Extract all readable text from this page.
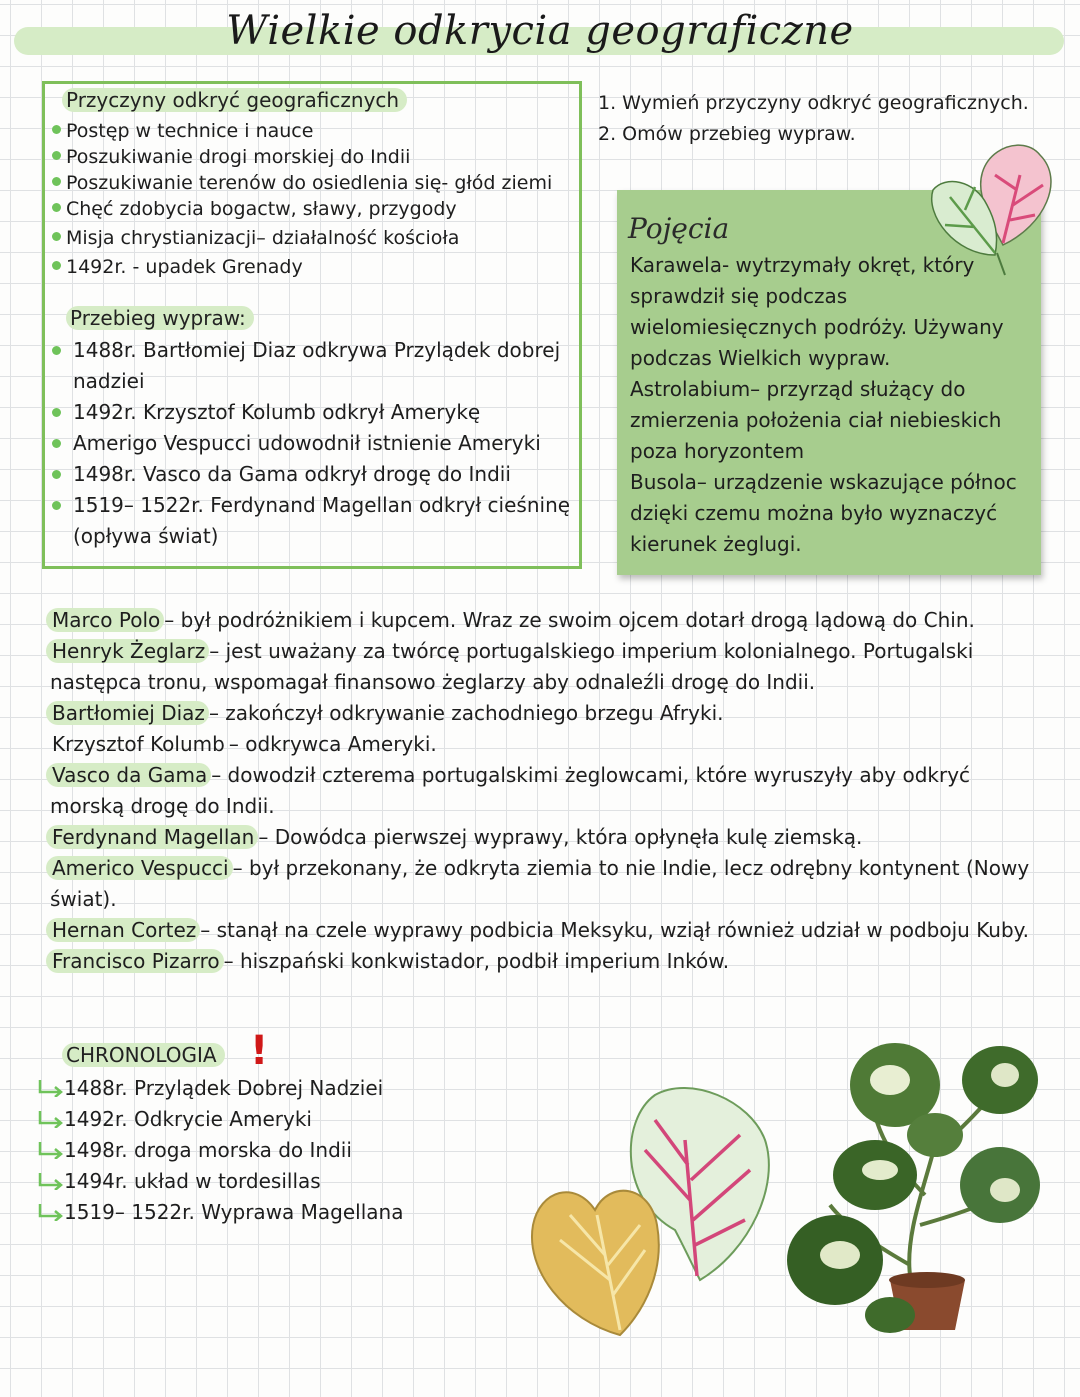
Wielkie odkrycia geograficzne
Przyczyny odkryć geograficznych
Postęp w technice i nauce
Poszukiwanie drogi morskiej do Indii
Poszukiwanie terenów do osiedlenia się- głód ziemi
Chęć zdobycia bogactw, sławy, przygody
Misja chrystianizacji– działalność kościoła
1492r. - upadek Grenady
Przebieg wypraw:
1488r. Bartłomiej Diaz odkrywa Przylądek dobrej nadziei
1492r. Krzysztof Kolumb odkrył Amerykę
Amerigo Vespucci udowodnił istnienie Ameryki
1498r. Vasco da Gama odkrył drogę do Indii
1519– 1522r. Ferdynand Magellan odkrył cieśninę (opływa świat)
1. Wymień przyczyny odkryć geograficznych.
2. Omów przebieg wypraw.
Pojęcia
Karawela- wytrzymały okręt, który sprawdził się podczas wielomiesięcznych podróży. Używany podczas Wielkich wypraw.
Astrolabium– przyrząd służący do zmierzenia położenia ciał niebieskich poza horyzontem
Busola– urządzenie wskazujące północ dzięki czemu można było wyznaczyć kierunek żeglugi.

Marco Polo – był podróżnikiem i kupcem. Wraz ze swoim ojcem dotarł drogą lądową do Chin.

Henryk Żeglarz – jest uważany za twórcę portugalskiego imperium kolonialnego. Portugalski następca tronu, wspomagał finansowo żeglarzy aby odnaleźli drogę do Indii.

Bartłomiej Diaz – zakończył odkrywanie zachodniego brzegu Afryki.

Krzysztof Kolumb – odkrywca Ameryki.

Vasco da Gama – dowodził czterema portugalskimi żeglowcami, które wyruszyły aby odkryć morską drogę do Indii.

Ferdynand Magellan – Dowódca pierwszej wyprawy, która opłynęła kulę ziemską.

Americo Vespucci – był przekonany, że odkryta ziemia to nie Indie, lecz odrębny kontynent (Nowy świat).

Hernan Cortez – stanął na czele wyprawy podbicia Meksyku, wziął również udział w podboju Kuby.

Francisco Pizarro – hiszpański konkwistador, podbił imperium Inków.

CHRONOLOGIA !
1488r. Przylądek Dobrej Nadziei
1492r. Odkrycie Ameryki
1498r. droga morska do Indii
1494r. układ w tordesillas
1519– 1522r. Wyprawa Magellana
